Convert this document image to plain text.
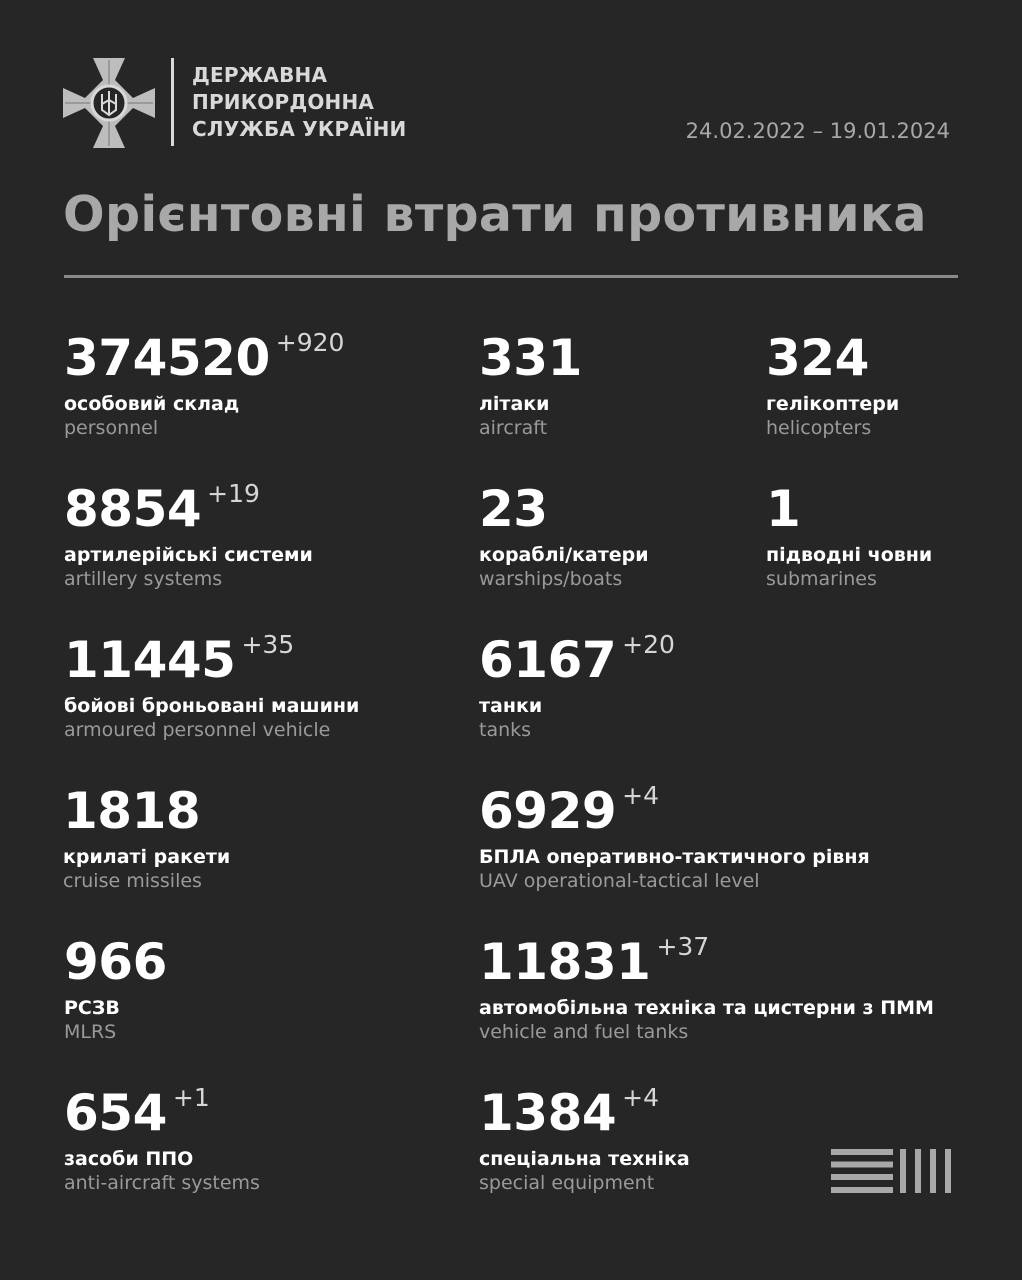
ДЕРЖАВНА
ПРИКОРДОННА
СЛУЖБА УКРАЇНИ	24.02.2022 – 19.01.2024
Орієнтовні втрати противника
374520 +920
особовий склад
personnel
331
літаки
aircraft
324
гелікоптери
helicopters
8854 +19
артилерійські системи
artillery systems
23
кораблі/катери
warships/boats
1
підводні човни
submarines
11445 +35
бойові броньовані машини
armoured personnel vehicle
6167 +20
танки
tanks
1818
крилаті ракети
cruise missiles
6929 +4
БПЛА оперативно-тактичного рівня
UAV operational-tactical level
966
РСЗВ
MLRS
11831 +37
автомобільна техніка та цистерни з ПММ
vehicle and fuel tanks
654 +1
засоби ППО
anti-aircraft systems
1384 +4
спеціальна техніка
special equipment
